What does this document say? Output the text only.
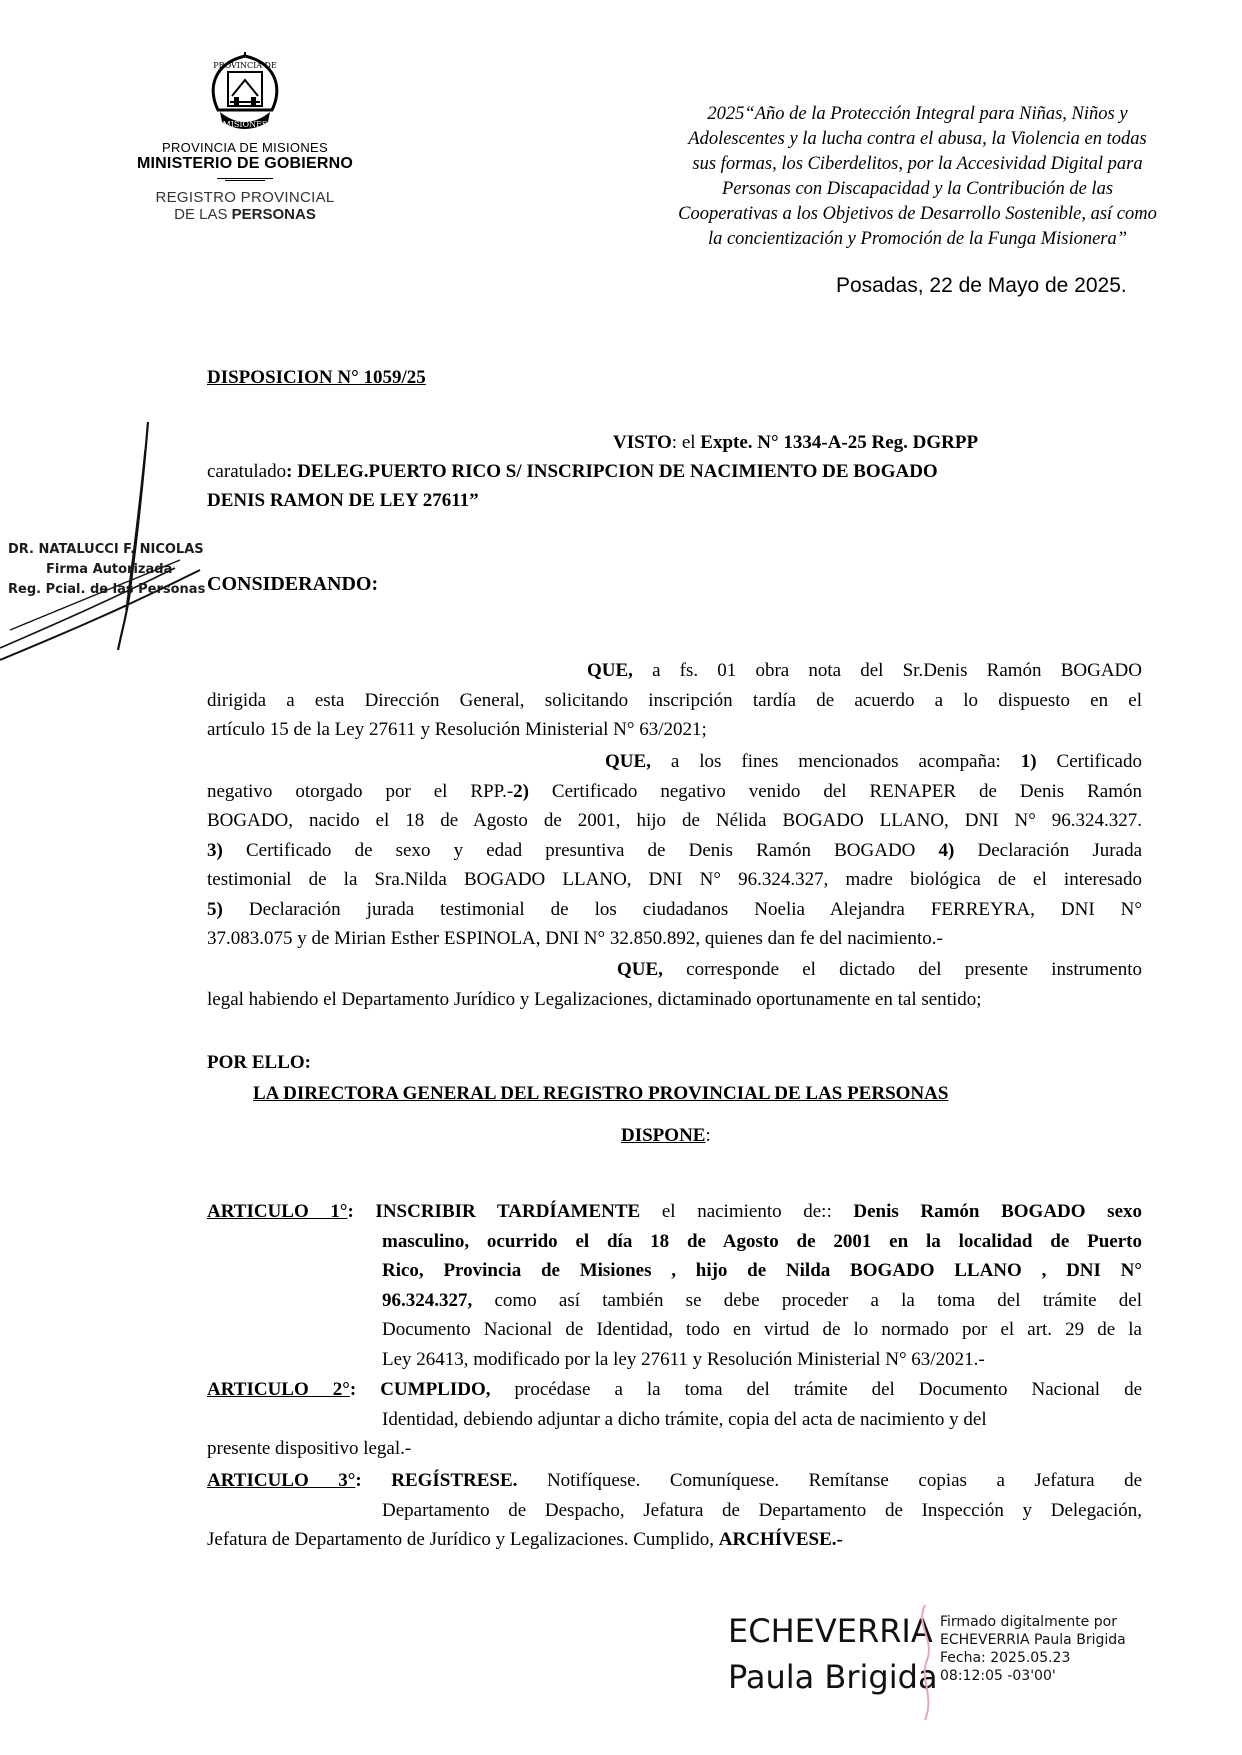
PROVINCIA DE
MISIONES
PROVINCIA DE MISIONES
MINISTERIO DE GOBIERNO
REGISTRO PROVINCIAL
DE LAS PERSONAS
2025“Año de la Protección Integral para Niñas, Niños y
Adolescentes y la lucha contra el abusa, la Violencia en todas
sus formas, los Ciberdelitos, por la Accesividad Digital para
Personas con Discapacidad y la Contribución de las
Cooperativas a los Objetivos de Desarrollo Sostenible, así como
la concientización y Promoción de la Funga Misionera”
Posadas, 22 de Mayo de 2025.
DISPOSICION N° 1059/25
VISTO: el Expte. N° 1334-A-25 Reg. DGRPP
caratulado: DELEG.PUERTO RICO S/ INSCRIPCION DE NACIMIENTO DE BOGADO
DENIS RAMON DE LEY 27611”
CONSIDERANDO:
QUE, a fs. 01 obra nota del Sr.Denis Ramón BOGADO
dirigida a esta Dirección General, solicitando inscripción tardía de acuerdo a lo dispuesto en el
artículo 15 de la Ley 27611 y Resolución Ministerial N° 63/2021;
QUE, a los fines mencionados acompaña: 1) Certificado
negativo otorgado por el RPP.-2) Certificado negativo venido del RENAPER de Denis Ramón
BOGADO, nacido el 18 de Agosto de 2001, hijo de Nélida BOGADO LLANO, DNI N° 96.324.327.
3) Certificado de sexo y edad presuntiva de Denis Ramón BOGADO 4) Declaración Jurada
testimonial de la Sra.Nilda BOGADO LLANO, DNI N° 96.324.327, madre biológica de el interesado
5) Declaración jurada testimonial de los ciudadanos Noelia Alejandra FERREYRA, DNI N°
37.083.075 y de Mirian Esther ESPINOLA, DNI N° 32.850.892, quienes dan fe del nacimiento.-
QUE, corresponde el dictado del presente instrumento
legal habiendo el Departamento Jurídico y Legalizaciones, dictaminado oportunamente en tal sentido;
POR ELLO:
LA DIRECTORA GENERAL DEL REGISTRO PROVINCIAL DE LAS PERSONAS
DISPONE:
ARTICULO 1°: INSCRIBIR TARDÍAMENTE el nacimiento de:: Denis Ramón BOGADO sexo
masculino, ocurrido el día 18 de Agosto de 2001 en la localidad de Puerto
Rico, Provincia de Misiones , hijo de Nilda BOGADO LLANO , DNI N°
96.324.327, como así también se debe proceder a la toma del trámite del
Documento Nacional de Identidad, todo en virtud de lo normado por el art. 29 de la
Ley 26413, modificado por la ley 27611 y Resolución Ministerial N° 63/2021.-
ARTICULO 2°: CUMPLIDO, procédase a la toma del trámite del Documento Nacional de
Identidad, debiendo adjuntar a dicho trámite, copia del acta de nacimiento y del
presente dispositivo legal.-
ARTICULO 3°: REGÍSTRESE. Notifíquese. Comuníquese. Remítanse copias a Jefatura de
Departamento de Despacho, Jefatura de Departamento de Inspección y Delegación,
Jefatura de Departamento de Jurídico y Legalizaciones. Cumplido, ARCHÍVESE.-
DR. NATALUCCI F. NICOLAS
Firma Autorizada
Reg. Pcial. de las Personas
ECHEVERRIA
Paula Brigida
Firmado digitalmente por
ECHEVERRIA Paula Brigida
Fecha: 2025.05.23
08:12:05 -03'00'
